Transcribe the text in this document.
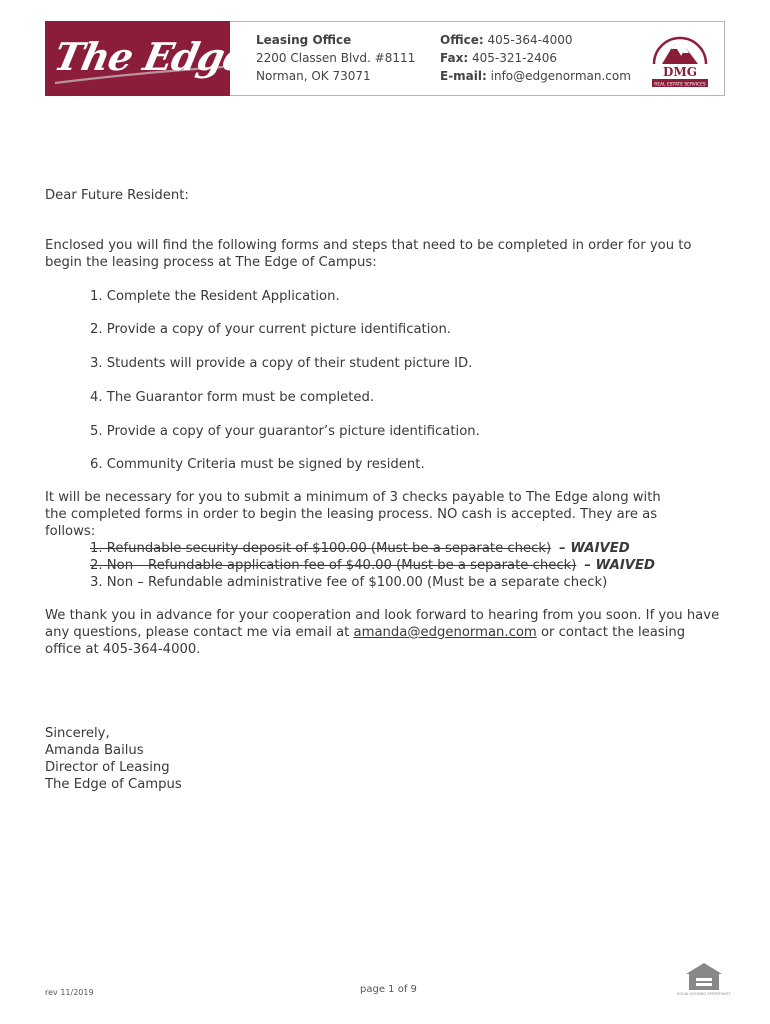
The Edge Leasing Office
2200 Classen Blvd. #8111
Norman, OK 73071
Office: 405-364-4000
Fax: 405-321-2406
E-mail: info@edgenorman.com	DMG
REAL ESTATE SERVICES
Dear Future Resident:
Enclosed you will find the following forms and steps that need to be completed in order for you to begin the leasing process at The Edge of Campus:
1. Complete the Resident Application.
2. Provide a copy of your current picture identification.
3. Students will provide a copy of their student picture ID.
4. The Guarantor form must be completed.
5. Provide a copy of your guarantor’s picture identification.
6. Community Criteria must be signed by resident.
It will be necessary for you to submit a minimum of 3 checks payable to The Edge along with the completed forms in order to begin the leasing process. NO cash is accepted. They are as follows:
1. Refundable security deposit of $100.00 (Must be a separate check) – WAIVED
2. Non – Refundable application fee of $40.00 (Must be a separate check) – WAIVED
3. Non – Refundable administrative fee of $100.00 (Must be a separate check)
We thank you in advance for your cooperation and look forward to hearing from you soon. If you have any questions, please contact me via email at amanda@edgenorman.com or contact the leasing office at 405-364-4000.
Sincerely,
Amanda Bailus
Director of Leasing
The Edge of Campus
rev 11/2019	page 1 of 9	EQUAL HOUSING OPPORTUNITY
